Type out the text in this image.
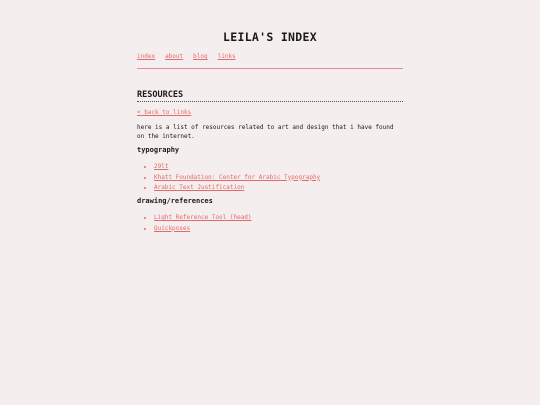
LEILA'S INDEX
index about blog links
RESOURCES
< back to links

here is a list of resources related to art and design that i have found on the internet.

typography
• 29lt
• Khatt Foundation: Center for Arabic Typography
• Arabic Text Justification
drawing/references
• Light Reference Tool (head)
• Quickposes
